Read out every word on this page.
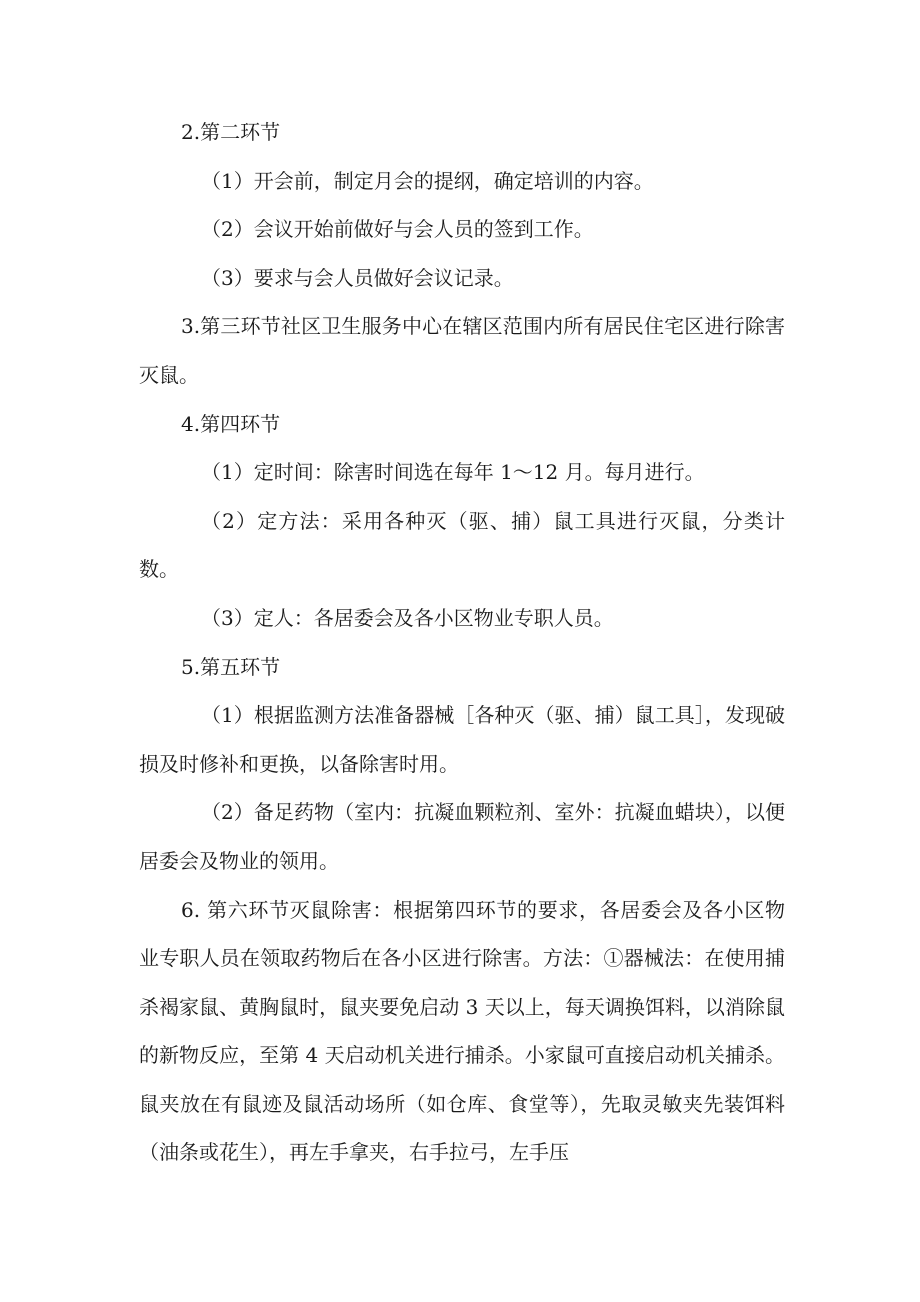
2.第二环节

（1）开会前，制定月会的提纲，确定培训的内容。

（2）会议开始前做好与会人员的签到工作。

（3）要求与会人员做好会议记录。

3.第三环节社区卫生服务中心在辖区范围内所有居民住宅区进行除害灭鼠。

4.第四环节

（1）定时间：除害时间选在每年 1～12 月。每月进行。

（2）定方法：采用各种灭（驱、捕）鼠工具进行灭鼠，分类计数。

（3）定人：各居委会及各小区物业专职人员。

5.第五环节

（1）根据监测方法准备器械［各种灭（驱、捕）鼠工具］，发现破损及时修补和更换，以备除害时用。

（2）备足药物（室内：抗凝血颗粒剂、室外：抗凝血蜡块），以便居委会及物业的领用。

6. 第六环节灭鼠除害：根据第四环节的要求，各居委会及各小区物业专职人员在领取药物后在各小区进行除害。方法：①器械法：在使用捕杀褐家鼠、黄胸鼠时，鼠夹要免启动 3 天以上，每天调换饵料，以消除鼠的新物反应，至第 4 天启动机关进行捕杀。小家鼠可直接启动机关捕杀。鼠夹放在有鼠迹及鼠活动场所（如仓库、食堂等），先取灵敏夹先装饵料（油条或花生），再左手拿夹，右手拉弓，左手压
